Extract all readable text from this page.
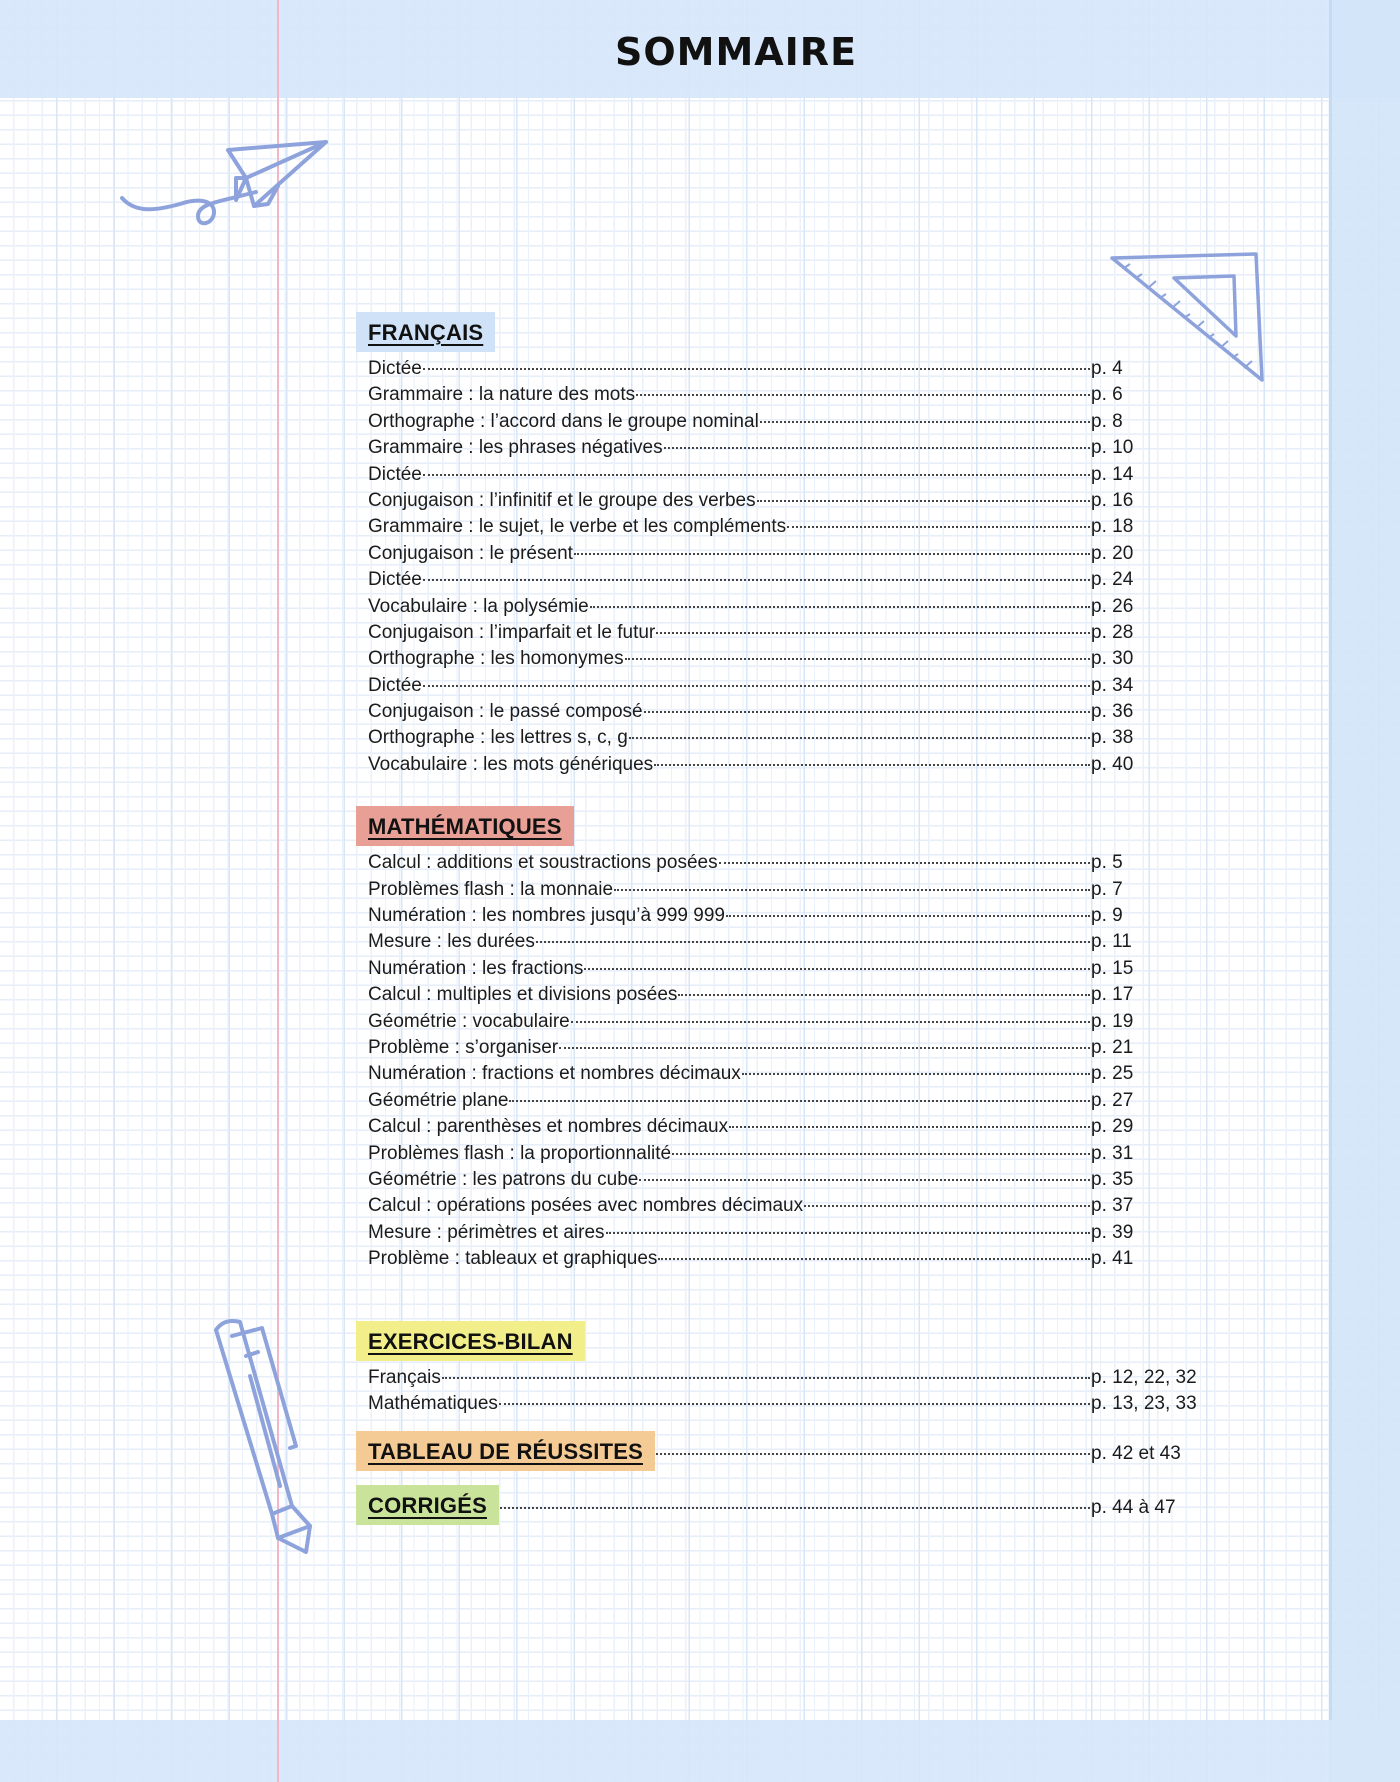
SOMMAIRE
FRANÇAIS
Dictée	p. 4
Grammaire : la nature des mots	p. 6
Orthographe : l’accord dans le groupe nominal	p. 8
Grammaire : les phrases négatives	p. 10
Dictée	p. 14
Conjugaison : l’infinitif et le groupe des verbes	p. 16
Grammaire : le sujet, le verbe et les compléments	p. 18
Conjugaison : le présent	p. 20
Dictée	p. 24
Vocabulaire : la polysémie	p. 26
Conjugaison : l’imparfait et le futur	p. 28
Orthographe : les homonymes	p. 30
Dictée	p. 34
Conjugaison : le passé composé	p. 36
Orthographe : les lettres s, c, g	p. 38
Vocabulaire : les mots génériques	p. 40
MATHÉMATIQUES
Calcul : additions et soustractions posées	p. 5
Problèmes flash : la monnaie	p. 7
Numération : les nombres jusqu’à 999 999	p. 9
Mesure : les durées	p. 11
Numération : les fractions	p. 15
Calcul : multiples et divisions posées	p. 17
Géométrie : vocabulaire	p. 19
Problème : s’organiser	p. 21
Numération : fractions et nombres décimaux	p. 25
Géométrie plane	p. 27
Calcul : parenthèses et nombres décimaux	p. 29
Problèmes flash : la proportionnalité	p. 31
Géométrie : les patrons du cube	p. 35
Calcul : opérations posées avec nombres décimaux	p. 37
Mesure : périmètres et aires	p. 39
Problème : tableaux et graphiques	p. 41
EXERCICES-BILAN
Français	p. 12, 22, 32
Mathématiques	p. 13, 23, 33
TABLEAU DE RÉUSSITES	p. 42 et 43
CORRIGÉS	p. 44 à 47
